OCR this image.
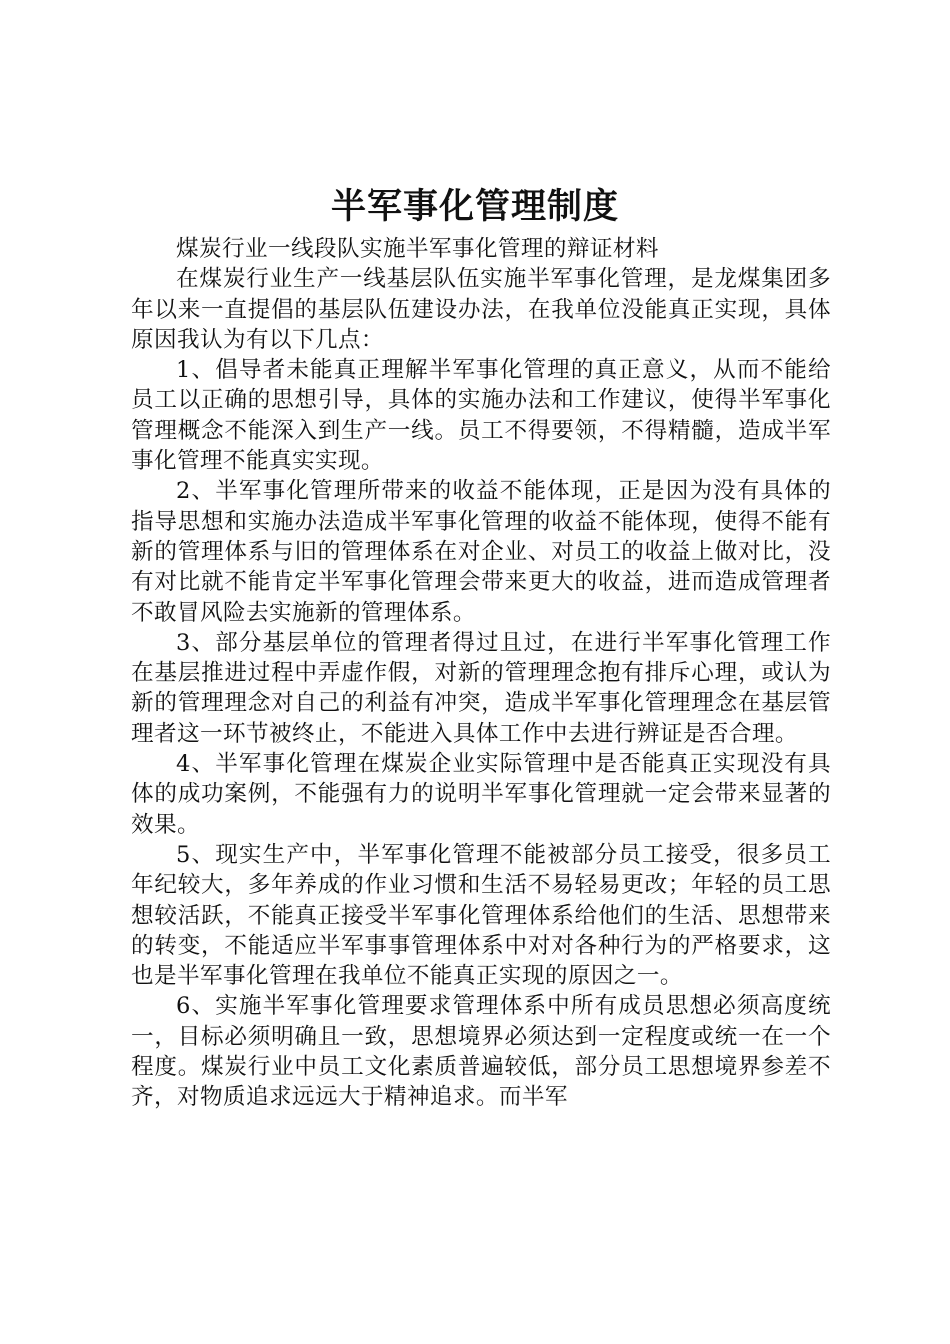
半军事化管理制度

煤炭行业一线段队实施半军事化管理的辩证材料

在煤炭行业生产一线基层队伍实施半军事化管理，是龙煤集团多年以来一直提倡的基层队伍建设办法，在我单位没能真正实现，具体原因我认为有以下几点：

1、倡导者未能真正理解半军事化管理的真正意义，从而不能给员工以正确的思想引导，具体的实施办法和工作建议，使得半军事化管理概念不能深入到生产一线。员工不得要领，不得精髓，造成半军事化管理不能真实实现。

2、半军事化管理所带来的收益不能体现，正是因为没有具体的指导思想和实施办法造成半军事化管理的收益不能体现，使得不能有新的管理体系与旧的管理体系在对企业、对员工的收益上做对比，没有对比就不能肯定半军事化管理会带来更大的收益，进而造成管理者不敢冒风险去实施新的管理体系。

3、部分基层单位的管理者得过且过，在进行半军事化管理工作在基层推进过程中弄虚作假，对新的管理理念抱有排斥心理，或认为新的管理理念对自己的利益有冲突，造成半军事化管理理念在基层管理者这一环节被终止，不能进入具体工作中去进行辨证是否合理。

4、半军事化管理在煤炭企业实际管理中是否能真正实现没有具体的成功案例，不能强有力的说明半军事化管理就一定会带来显著的效果。

5、现实生产中，半军事化管理不能被部分员工接受，很多员工年纪较大，多年养成的作业习惯和生活不易轻易更改；年轻的员工思想较活跃，不能真正接受半军事化管理体系给他们的生活、思想带来的转变，不能适应半军事事管理体系中对对各种行为的严格要求，这也是半军事化管理在我单位不能真正实现的原因之一。

6、实施半军事化管理要求管理体系中所有成员思想必须高度统一，目标必须明确且一致，思想境界必须达到一定程度或统一在一个程度。煤炭行业中员工文化素质普遍较低，部分员工思想境界参差不齐，对物质追求远远大于精神追求。而半军
